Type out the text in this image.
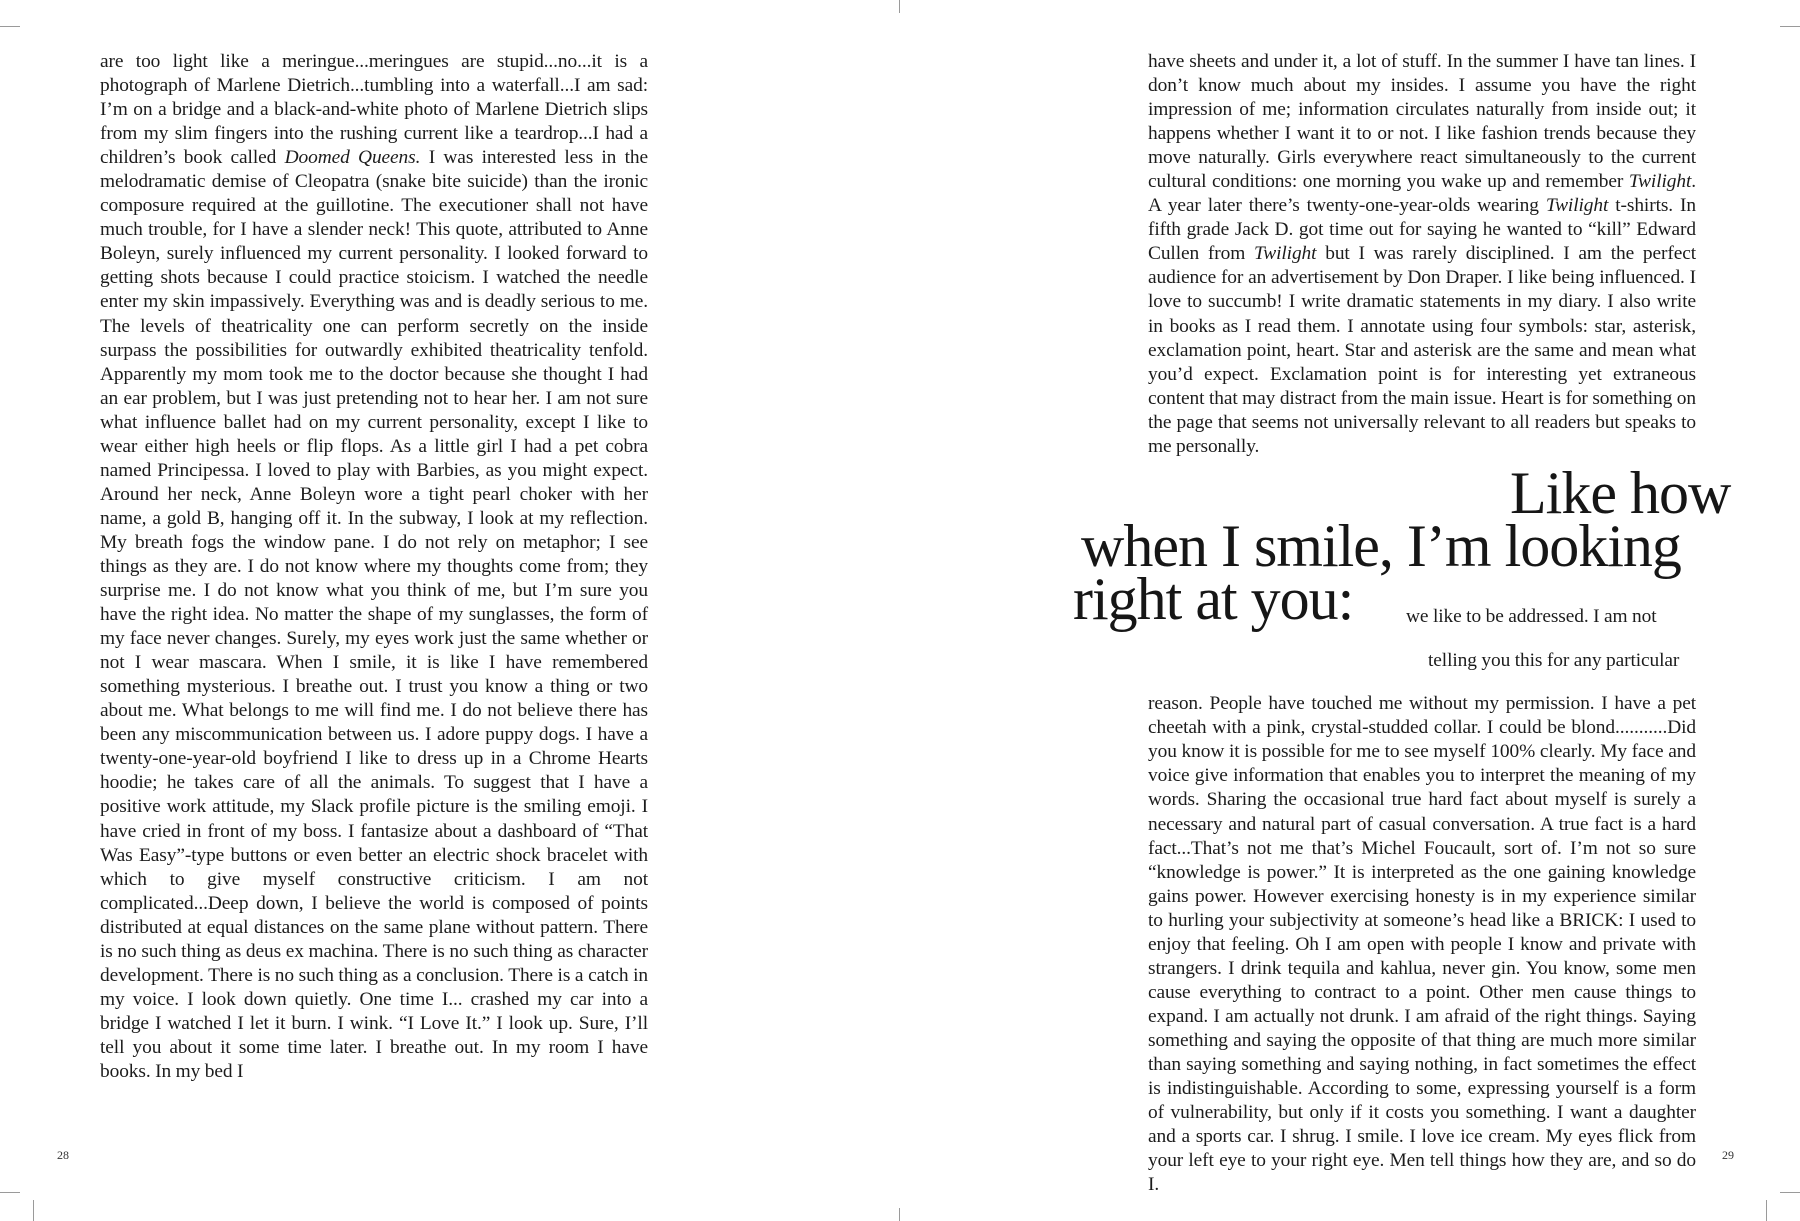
are too light like a meringue...meringues are stupid...no...it is a photograph of Marlene Dietrich...tumbling into a waterfall...I am sad: I’m on a bridge and a black-and-white photo of Marlene Dietrich slips from my slim fingers into the rushing current like a teardrop...I had a children’s book called Doomed Queens. I was interested less in the melodramatic demise of Cleopatra (snake bite suicide) than the ironic composure required at the guillotine. The executioner shall not have much trouble, for I have a slender neck! This quote, attributed to Anne Boleyn, surely influenced my current personality. I looked forward to getting shots because I could practice stoicism. I watched the needle enter my skin impassively. Everything was and is deadly serious to me. The levels of theatricality one can perform secretly on the inside surpass the possibilities for outwardly exhibited theatricality tenfold. Apparently my mom took me to the doctor because she thought I had an ear problem, but I was just pretending not to hear her. I am not sure what influence ballet had on my current personality, except I like to wear either high heels or flip flops. As a little girl I had a pet cobra named Principessa. I loved to play with Barbies, as you might expect. Around her neck, Anne Boleyn wore a tight pearl choker with her name, a gold B, hanging off it. In the subway, I look at my reflection. My breath fogs the window pane. I do not rely on metaphor; I see things as they are. I do not know where my thoughts come from; they surprise me. I do not know what you think of me, but I’m sure you have the right idea. No matter the shape of my sunglasses, the form of my face never changes. Surely, my eyes work just the same whether or not I wear mascara. When I smile, it is like I have remembered something mysterious. I breathe out. I trust you know a thing or two about me. What belongs to me will find me. I do not believe there has been any miscommunication between us. I adore puppy dogs. I have a twenty-one-year-old boyfriend I like to dress up in a Chrome Hearts hoodie; he takes care of all the animals. To suggest that I have a positive work attitude, my Slack profile picture is the smiling emoji. I have cried in front of my boss. I fantasize about a dashboard of “That Was Easy”-type buttons or even better an electric shock bracelet with which to give myself constructive criticism. I am not complicated...Deep down, I believe the world is composed of points distributed at equal distances on the same plane without pattern. There is no such thing as deus ex machina. There is no such thing as character development. There is no such thing as a conclusion. There is a catch in my voice. I look down quietly. One time I... crashed my car into a bridge I watched I let it burn. I wink. “I Love It.” I look up. Sure, I’ll tell you about it some time later. I breathe out. In my room I have books. In my bed I

28

have sheets and under it, a lot of stuff. In the summer I have tan lines. I don’t know much about my insides. I assume you have the right impression of me; information circulates naturally from inside out; it happens whether I want it to or not. I like fashion trends because they move naturally. Girls everywhere react simultaneously to the current cultural conditions: one morning you wake up and remember Twilight. A year later there’s twenty-one-year-olds wearing Twilight t-shirts. In fifth grade Jack D. got time out for saying he wanted to “kill” Edward Cullen from Twilight but I was rarely disciplined. I am the perfect audience for an advertisement by Don Draper. I like being influenced. I love to succumb! I write dramatic statements in my diary. I also write in books as I read them. I annotate using four symbols: star, asterisk, exclamation point, heart. Star and asterisk are the same and mean what you’d expect. Exclamation point is for interesting yet extraneous content that may distract from the main issue. Heart is for something on the page that seems not universally relevant to all readers but speaks to me personally.

Like how
when I smile, I’m looking
right at you:	we like to be addressed. I am not

telling you this for any particular

reason. People have touched me without my permission. I have a pet cheetah with a pink, crystal-studded collar. I could be blond...........Did you know it is possible for me to see myself 100% clearly. My face and voice give information that enables you to interpret the meaning of my words. Sharing the occasional true hard fact about myself is surely a necessary and natural part of casual conversation. A true fact is a hard fact...That’s not me that’s Michel Foucault, sort of. I’m not so sure “knowledge is power.” It is interpreted as the one gaining knowledge gains power. However exercising honesty is in my experience similar to hurling your subjectivity at someone’s head like a BRICK: I used to enjoy that feeling. Oh I am open with people I know and private with strangers. I drink tequila and kahlua, never gin. You know, some men cause everything to contract to a point. Other men cause things to expand. I am actually not drunk. I am afraid of the right things. Saying something and saying the opposite of that thing are much more similar than saying something and saying nothing, in fact sometimes the effect is indistinguishable. According to some, expressing yourself is a form of vulnerability, but only if it costs you something. I want a daughter and a sports car. I shrug. I smile. I love ice cream. My eyes flick from your left eye to your right eye. Men tell things how they are, and so do I.

29
